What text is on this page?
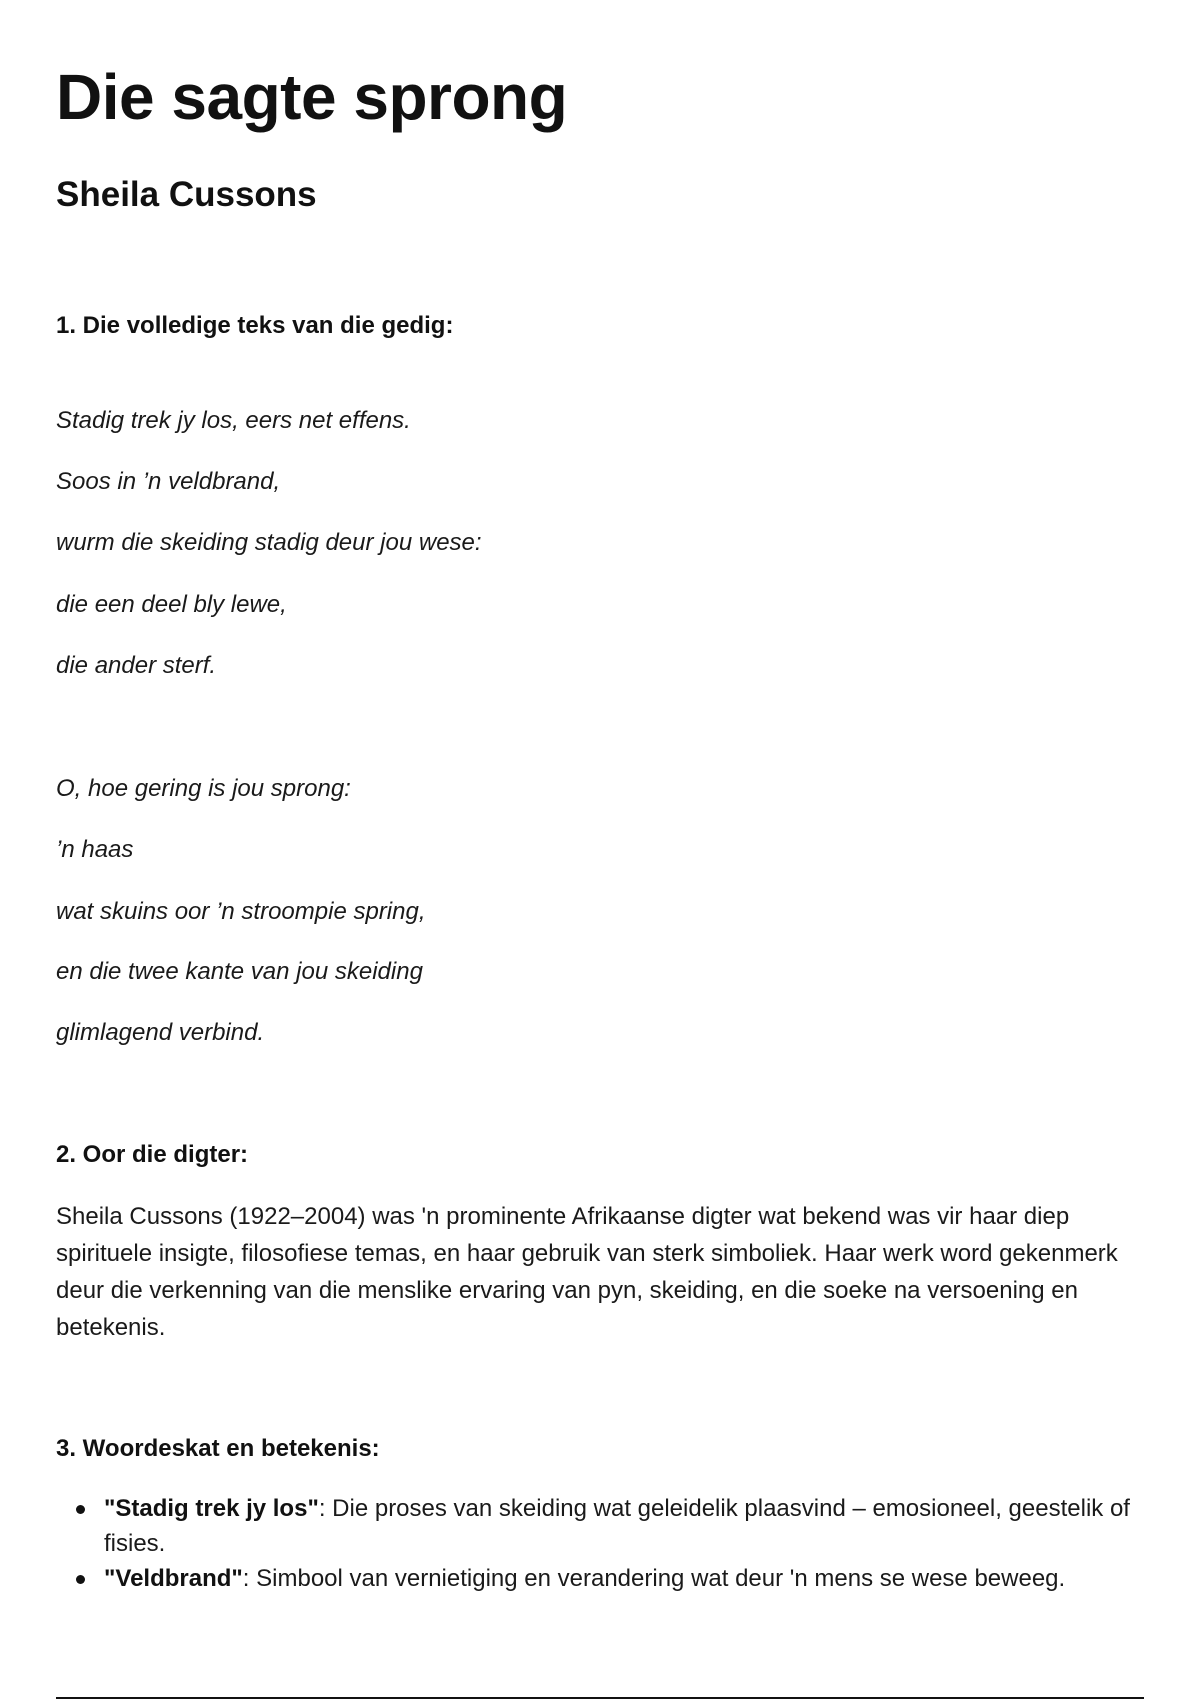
Die sagte sprong
Sheila Cussons
1. Die volledige teks van die gedig:

Stadig trek jy los, eers net effens.

Soos in ’n veldbrand,

wurm die skeiding stadig deur jou wese:

die een deel bly lewe,

die ander sterf.

O, hoe gering is jou sprong:

’n haas

wat skuins oor ’n stroompie spring,

en die twee kante van jou skeiding

glimlagend verbind.

2. Oor die digter:

Sheila Cussons (1922–2004) was 'n prominente Afrikaanse digter wat bekend was vir haar diep spirituele insigte, filosofiese temas, en haar gebruik van sterk simboliek. Haar werk word gekenmerk deur die verkenning van die menslike ervaring van pyn, skeiding, en die soeke na versoening en betekenis.

3. Woordeskat en betekenis:
"Stadig trek jy los": Die proses van skeiding wat geleidelik plaasvind – emosioneel, geestelik of fisies.
"Veldbrand": Simbool van vernietiging en verandering wat deur 'n mens se wese beweeg.
